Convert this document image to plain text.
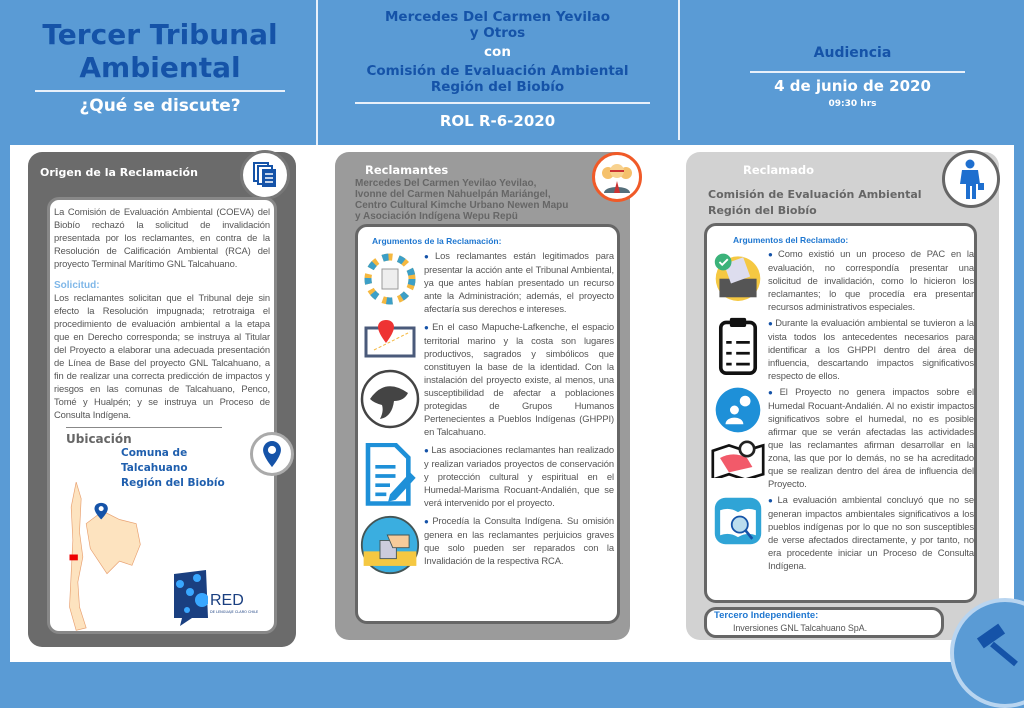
Tercer Tribunal
Ambiental
¿Qué se discute?
Mercedes Del Carmen Yevilao
y Otros
con
Comisión de Evaluación Ambiental
Región del Biobío
ROL R-6-2020
Audiencia
4 de junio de 2020
09:30 hrs
Origen de la Reclamación
La Comisión de Evaluación Ambiental (COEVA) del Biobío rechazó la solicitud de invalidación presentada por los reclamantes, en contra de la Resolución de Calificación Ambiental (RCA) del proyecto Terminal Marítimo GNL Talcahuano.
Solicitud:
Los reclamantes solicitan que el Tribunal deje sin efecto la Resolución impugnada; retrotraiga el procedimiento de evaluación ambiental a la etapa que en Derecho corresponda; se instruya al Titular del Proyecto a elaborar una adecuada presentación de Línea de Base del proyecto GNL Talcahuano, a fin de realizar una correcta predicción de impactos y riesgos en las comunas de Talcahuano, Penco, Tomé y Hualpén; y se instruya un Proceso de Consulta Indígena.
Ubicación
Comuna de Talcahuano
Región del Biobío
RED
DE LENGUAJE CLARO CHILE
Reclamantes
Mercedes Del Carmen Yevilao Yevilao,
Ivonne del Carmen Nahuelpán Mariángel,
Centro Cultural Kimche Urbano Newen Mapu
y Asociación Indígena Wepu Repü
Argumentos de la Reclamación:
● Los reclamantes están legitimados para presentar la acción ante el Tribunal Ambiental, ya que antes habían presentado un recurso ante la Administración; además, el proyecto afectaría sus derechos e intereses.
● En el caso Mapuche-Lafkenche, el espacio territorial marino y la costa son lugares productivos, sagrados y simbólicos que constituyen la base de la identidad. Con la instalación del proyecto existe, al menos, una susceptibilidad de afectar a poblaciones protegidas de Grupos Humanos Pertenecientes a Pueblos Indígenas (GHPPI) en Talcahuano.
● Las asociaciones reclamantes han realizado y realizan variados proyectos de conservación y protección cultural y espiritual en el Humedal-Marisma Rocuant-Andalién, que se verá intervenido por el proyecto.
● Procedía la Consulta Indígena. Su omisión genera en las reclamantes perjuicios graves que solo pueden ser reparados con la Invalidación de la respectiva RCA.
Reclamado
Comisión de Evaluación Ambiental
Región del Biobío
Argumentos del Reclamado:
● Como existió un un proceso de PAC en la evaluación, no correspondía presentar una solicitud de invalidación, como lo hicieron los reclamantes; lo que procedía era presentar recursos administrativos especiales.
● Durante la evaluación ambiental se tuvieron a la vista todos los antecedentes necesarios para identificar a los GHPPI dentro del área de influencia, descartando impactos significativos respecto de ellos.
● El Proyecto no genera impactos sobre el Humedal Rocuant-Andalién. Al no existir impactos significativos sobre el humedal, no es posible afirmar que se verán afectadas las actividades que las reclamantes afirman desarrollar en la zona, las que por lo demás, no se ha acreditado que se realizan dentro del área de influencia del Proyecto.
● La evaluación ambiental concluyó que no se generan impactos ambientales significativos a los pueblos indígenas por lo que no son susceptibles de verse afectados directamente, y por tanto, no era procedente iniciar un Proceso de Consulta Indígena.
Tercero Independiente:
Inversiones GNL Talcahuano SpA.
